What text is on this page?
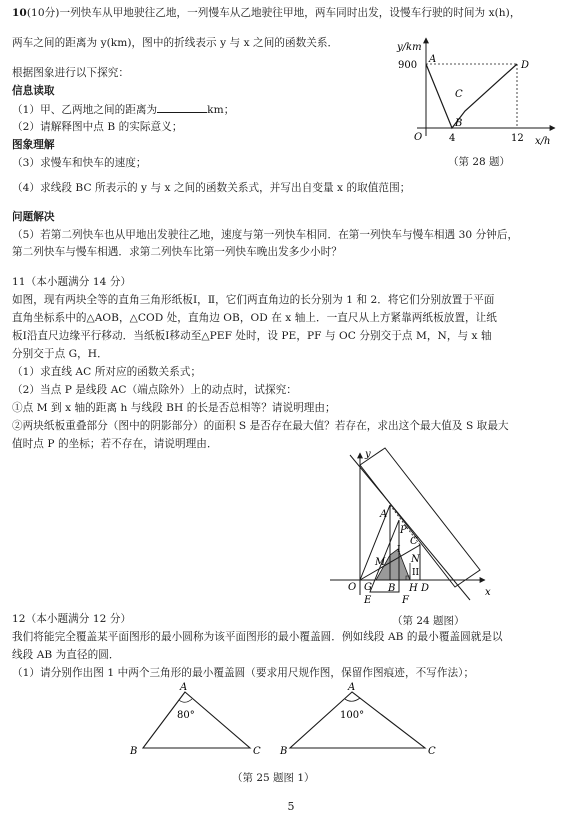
10(10分)一列快车从甲地驶往乙地，一列慢车从乙地驶往甲地，两车同时出发，设慢车行驶的时间为 x(h)，
两车之间的距离为 y(km)，图中的折线表示 y 与 x 之间的函数关系．
根据图象进行以下探究：
信息读取
（1）甲、乙两地之间的距离为	km；
（2）请解释图中点 B 的实际意义；
图象理解
（3）求慢车和快车的速度；
（4）求线段 BC 所表示的 y 与 x 之间的函数关系式，并写出自变量 x 的取值范围；
问题解决
（5）若第二列快车也从甲地出发驶往乙地，速度与第一列快车相同．在第一列快车与慢车相遇 30 分钟后，
第二列快车与慢车相遇．求第二列快车比第一列快车晚出发多少小时？
y/km
x/h
O
900
4	12
A
B
C
D
（第 28 题）
11（本小题满分 14 分）
如图，现有两块全等的直角三角形纸板Ⅰ，Ⅱ，它们两直角边的长分别为 1 和 2．将它们分别放置于平面
直角坐标系中的△AOB，△COD 处，直角边 OB，OD 在 x 轴上．一直尺从上方紧靠两纸板放置，让纸
板Ⅰ沿直尺边缘平行移动．当纸板Ⅰ移动至△PEF 处时，设 PE，PF 与 OC 分别交于点 M，N，与 x 轴
分别交于点 G，H．
（1）求直线 AC 所对应的函数关系式；
（2）当点 P 是线段 AC（端点除外）上的动点时，试探究：
①点 M 到 x 轴的距离 h 与线段 BH 的长是否总相等？请说明理由；
②两块纸板重叠部分（图中的阴影部分）的面积 S 是否存在最大值？若存在，求出这个最大值及 S 取最大
值时点 P 的坐标；若不存在，请说明理由．
y
x
O
A
P
C
M	N
I
II
G B H D
E	F
（第 24 题图）
12（本小题满分 12 分）
我们将能完全覆盖某平面图形的最小圆称为该平面图形的最小覆盖圆．例如线段 AB 的最小覆盖圆就是以
线段 AB 为直径的圆．
（1）请分别作出图 1 中两个三角形的最小覆盖圆（要求用尺规作图，保留作图痕迹，不写作法）；
A
B	C
80°
A
B	C
100°
（第 25 题图 1）
5
